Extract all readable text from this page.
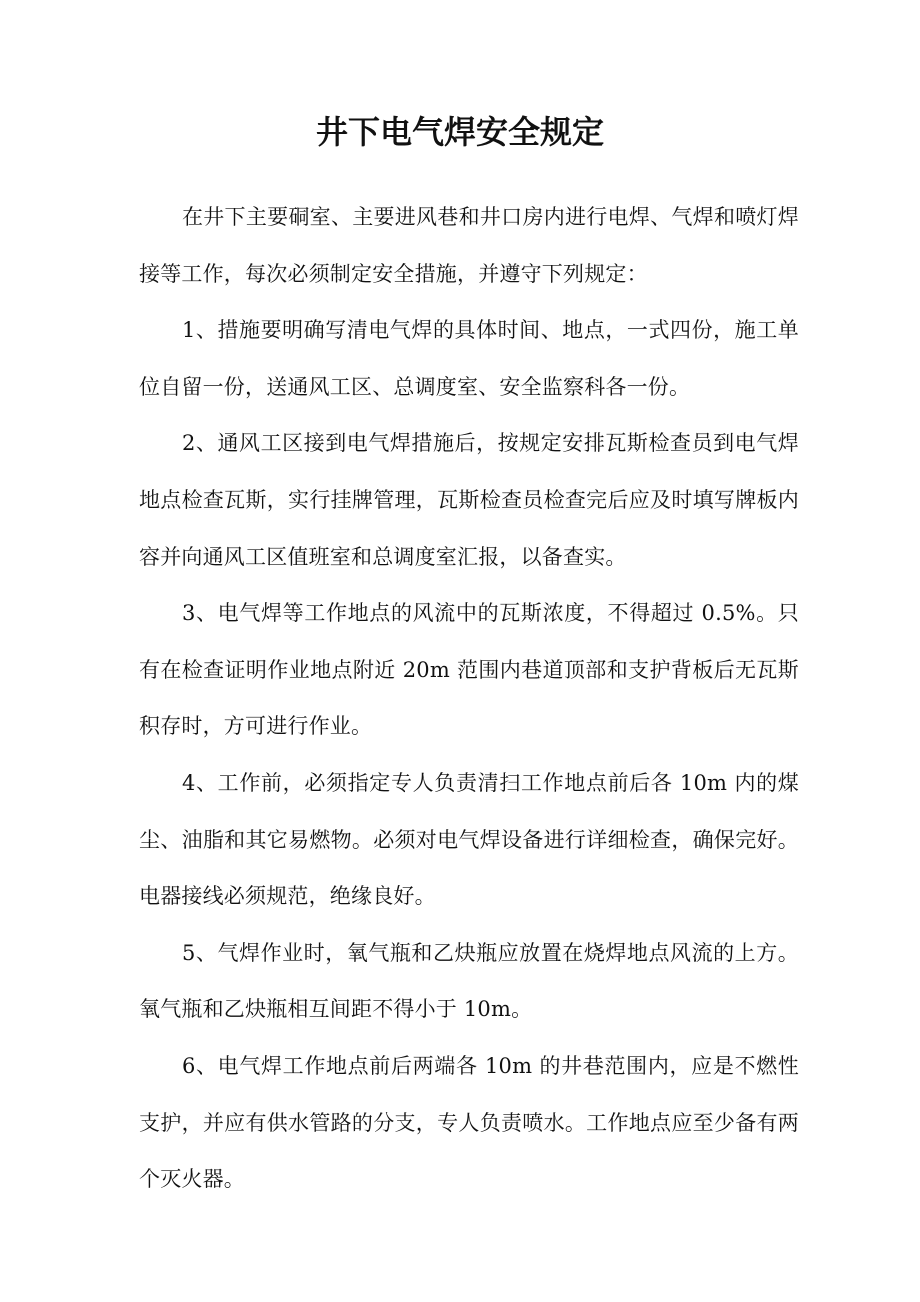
井下电气焊安全规定

在井下主要硐室、主要进风巷和井口房内进行电焊、气焊和喷灯焊接等工作，每次必须制定安全措施，并遵守下列规定：

1、措施要明确写清电气焊的具体时间、地点，一式四份，施工单位自留一份，送通风工区、总调度室、安全监察科各一份。

2、通风工区接到电气焊措施后，按规定安排瓦斯检查员到电气焊地点检查瓦斯，实行挂牌管理，瓦斯检查员检查完后应及时填写牌板内容并向通风工区值班室和总调度室汇报，以备查实。

3、电气焊等工作地点的风流中的瓦斯浓度，不得超过 0.5%。只有在检查证明作业地点附近 20m 范围内巷道顶部和支护背板后无瓦斯积存时，方可进行作业。

4、工作前，必须指定专人负责清扫工作地点前后各 10m 内的煤尘、油脂和其它易燃物。必须对电气焊设备进行详细检查，确保完好。电器接线必须规范，绝缘良好。

5、气焊作业时，氧气瓶和乙炔瓶应放置在烧焊地点风流的上方。氧气瓶和乙炔瓶相互间距不得小于 10m。

6、电气焊工作地点前后两端各 10m 的井巷范围内，应是不燃性支护，并应有供水管路的分支，专人负责喷水。工作地点应至少备有两个灭火器。
